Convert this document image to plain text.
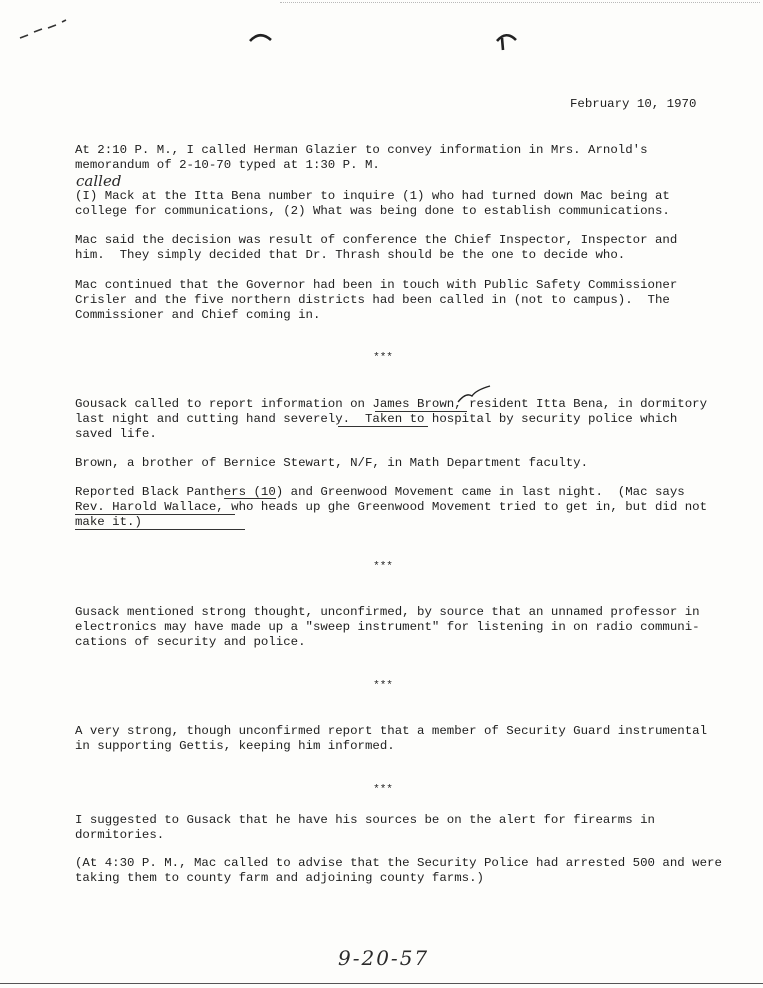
February 10, 1970

At 2:10 P. M., I called Herman Glazier to convey information in Mrs. Arnold's
memorandum of 2-10-70 typed at 1:30 P. M.

called

(I) Mack at the Itta Bena number to inquire (1) who had turned down Mac being at
college for communications, (2) What was being done to establish communications.

Mac said the decision was result of conference the Chief Inspector, Inspector and
him.  They simply decided that Dr. Thrash should be the one to decide who.

Mac continued that the Governor had been in touch with Public Safety Commissioner
Crisler and the five northern districts had been called in (not to campus).  The
Commissioner and Chief coming in.

***

Gousack called to report information on James Brown, resident Itta Bena, in dormitory
last night and cutting hand severely.  Taken to hospital by security police which
saved life.

Brown, a brother of Bernice Stewart, N/F, in Math Department faculty.

Reported Black Panthers (10) and Greenwood Movement came in last night.  (Mac says
Rev. Harold Wallace, who heads up ghe Greenwood Movement tried to get in, but did not
make it.)

***

Gusack mentioned strong thought, unconfirmed, by source that an unnamed professor in
electronics may have made up a "sweep instrument" for listening in on radio communi-
cations of security and police.

***

A very strong, though unconfirmed report that a member of Security Guard instrumental
in supporting Gettis, keeping him informed.

***

I suggested to Gusack that he have his sources be on the alert for firearms in
dormitories.

(At 4:30 P. M., Mac called to advise that the Security Police had arrested 500 and were
taking them to county farm and adjoining county farms.)

9-20-57
